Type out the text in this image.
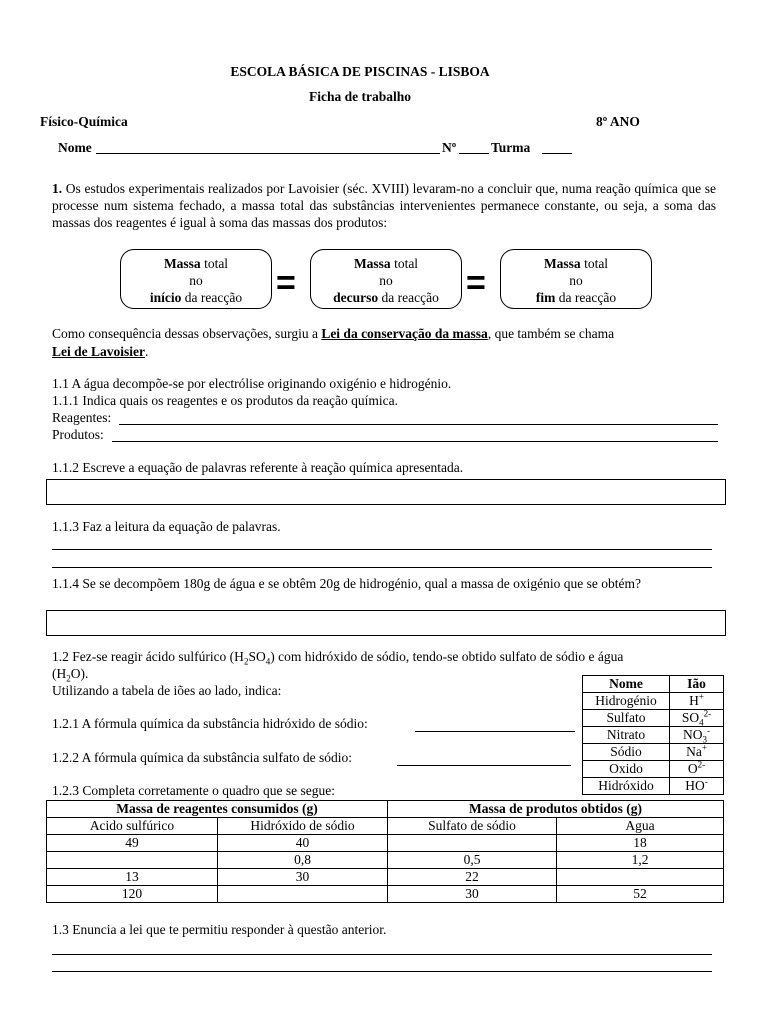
ESCOLA BÁSICA DE PISCINAS - LISBOA
Ficha de trabalho
Físico-Química	8º ANO
Nome	Nº	Turma
1. Os estudos experimentais realizados por Lavoisier (séc. XVIII) levaram-no a concluir que, numa reação química que se processe num sistema fechado, a massa total das substâncias intervenientes permanece constante, ou seja, a soma das massas dos reagentes é igual à soma das massas dos produtos:
Massa total
no
início da reacção =
Massa total
no
decurso da reacção =
Massa total
no
fim da reacção
Como consequência dessas observações, surgiu a Lei da conservação da massa, que também se chama
Lei de Lavoisier.
1.1 A água decompõe-se por electrólise originando oxigénio e hidrogénio.
1.1.1 Indica quais os reagentes e os produtos da reação química.
Reagentes:
Produtos:
1.1.2 Escreve a equação de palavras referente à reação química apresentada.
1.1.3 Faz a leitura da equação de palavras.
1.1.4 Se se decompõem 180g de água e se obtêm 20g de hidrogénio, qual a massa de oxigénio que se obtém?
1.2 Fez-se reagir ácido sulfúrico $(H_2SO_4)$ com hidróxido de sódio, tendo-se obtido sulfato de sódio e água
$(H_2O)$.
Utilizando a tabela de iões ao lado, indica:
1.2.1 A fórmula química da substância hidróxido de sódio:
1.2.2 A fórmula química da substância sulfato de sódio:
1.2.3 Completa corretamente o quadro que se segue:
Nome	Ião
Hidrogénio	H+
Sulfato	$SO_4^{2-}$
Nitrato	$NO_3^-$
Sódio	Na+
Oxido	$O^{2-}$
Hidróxido	HO-
Massa de reagentes consumidos (g)		Massa de produtos obtidos (g)	
Acido sulfúrico	Hidróxido de sódio	Sulfato de sódio	Agua
49	40		18
	0,8	0,5	1,2
13	30	22	
120		30	52
1.3 Enuncia a lei que te permitiu responder à questão anterior.
